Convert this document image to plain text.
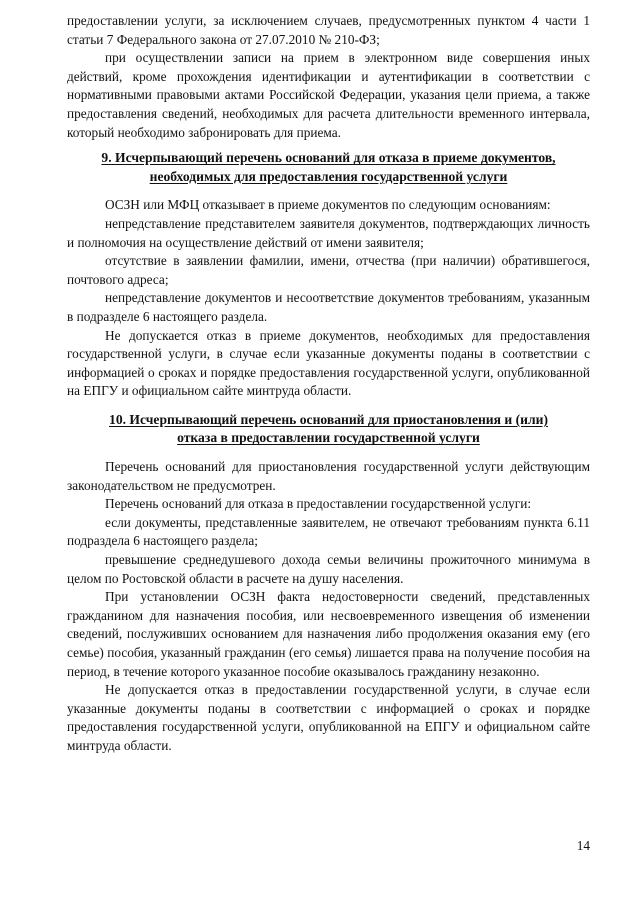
предоставлении услуги, за исключением случаев, предусмотренных пунктом 4 части 1 статьи 7 Федерального закона от 27.07.2010 № 210-ФЗ;

при осуществлении записи на прием в электронном виде совершения иных действий, кроме прохождения идентификации и аутентификации в соответствии с нормативными правовыми актами Российской Федерации, указания цели приема, а также предоставления сведений, необходимых для расчета длительности временного интервала, который необходимо забронировать для приема.

9. Исчерпывающий перечень оснований для отказа в приеме документов,
необходимых для предоставления государственной услуги

ОСЗН или МФЦ отказывает в приеме документов по следующим основаниям:

непредставление представителем заявителя документов, подтверждающих личность и полномочия на осуществление действий от имени заявителя;

отсутствие в заявлении фамилии, имени, отчества (при наличии) обратившегося, почтового адреса;

непредставление документов и несоответствие документов требованиям, указанным в подразделе 6 настоящего раздела.

Не допускается отказ в приеме документов, необходимых для предоставления государственной услуги, в случае если указанные документы поданы в соответствии с информацией о сроках и порядке предоставления государственной услуги, опубликованной на ЕПГУ и официальном сайте минтруда области.

10. Исчерпывающий перечень оснований для приостановления и (или)
отказа в предоставлении государственной услуги

Перечень оснований для приостановления государственной услуги действующим законодательством не предусмотрен.

Перечень оснований для отказа в предоставлении государственной услуги:

если документы, представленные заявителем, не отвечают требованиям пункта 6.11 подраздела 6 настоящего раздела;

превышение среднедушевого дохода семьи величины прожиточного минимума в целом по Ростовской области в расчете на душу населения.

При установлении ОСЗН факта недостоверности сведений, представленных гражданином для назначения пособия, или несвоевременного извещения об изменении сведений, послуживших основанием для назначения либо продолжения оказания ему (его семье) пособия, указанный гражданин (его семья) лишается права на получение пособия на период, в течение которого указанное пособие оказывалось гражданину незаконно.

Не допускается отказ в предоставлении государственной услуги, в случае если указанные документы поданы в соответствии с информацией о сроках и порядке предоставления государственной услуги, опубликованной на ЕПГУ и официальном сайте минтруда области.

14
